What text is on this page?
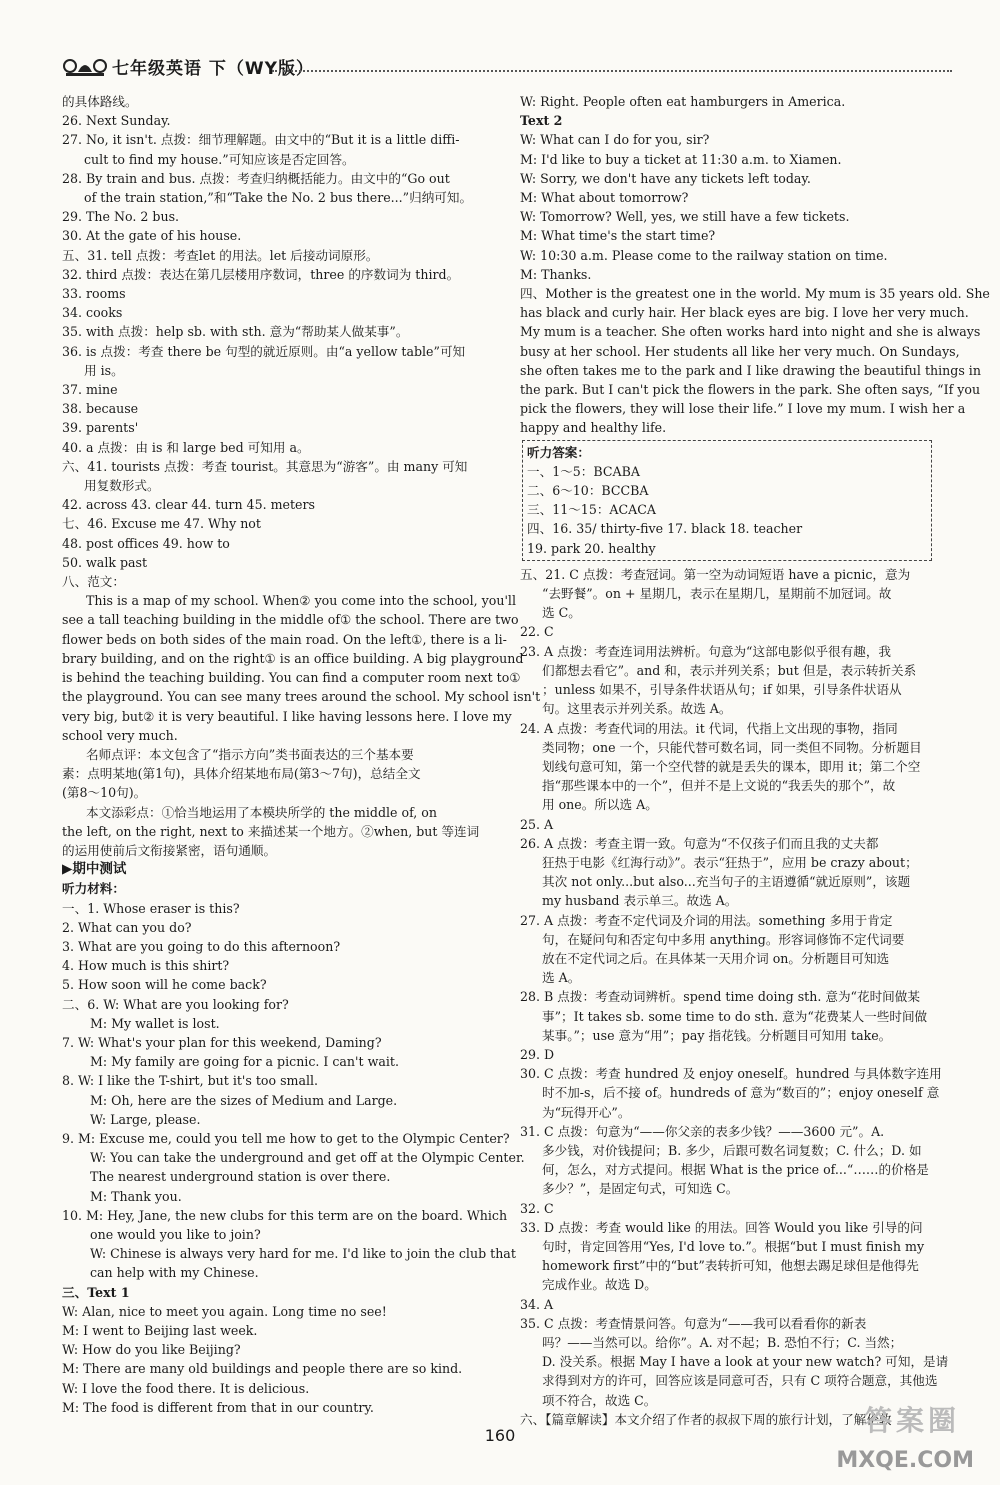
七年级英语 下（WY版）
的具体路线。
26. Next Sunday.
27. No, it isn't. 点拨：细节理解题。由文中的“But it is a little diffi-
cult to find my house.”可知应该是否定回答。
28. By train and bus. 点拨：考查归纳概括能力。由文中的“Go out
of the train station,”和“Take the No. 2 bus there...”归纳可知。
29. The No. 2 bus.
30. At the gate of his house.
五、31. tell 点拨：考查let 的用法。let 后接动词原形。
32. third 点拨：表达在第几层楼用序数词，three 的序数词为 third。
33. rooms
34. cooks
35. with 点拨：help sb. with sth. 意为“帮助某人做某事”。
36. is 点拨：考查 there be 句型的就近原则。由“a yellow table”可知
用 is。
37. mine
38. because
39. parents'
40. a 点拨：由 is 和 large bed 可知用 a。
六、41. tourists 点拨：考查 tourist。其意思为“游客”。由 many 可知
用复数形式。
42. across 43. clear 44. turn 45. meters
七、46. Excuse me 47. Why not
48. post offices 49. how to
50. walk past
八、范文：
This is a map of my school. When② you come into the school, you'll
see a tall teaching building in the middle of① the school. There are two
flower beds on both sides of the main road. On the left①, there is a li-
brary building, and on the right① is an office building. A big playground
is behind the teaching building. You can find a computer room next to①
the playground. You can see many trees around the school. My school isn't
very big, but② it is very beautiful. I like having lessons here. I love my
school very much.
名师点评：本文包含了“指示方向”类书面表达的三个基本要
素：点明某地(第1句)，具体介绍某地布局(第3～7句)，总结全文
(第8～10句)。
本文添彩点：①恰当地运用了本模块所学的 the middle of, on
the left, on the right, next to 来描述某一个地方。②when, but 等连词
的运用使前后文衔接紧密，语句通顺。
▶期中测试
听力材料：
一、1. Whose eraser is this?
2. What can you do?
3. What are you going to do this afternoon?
4. How much is this shirt?
5. How soon will he come back?
二、6. W: What are you looking for?
M: My wallet is lost.
7. W: What's your plan for this weekend, Daming?
M: My family are going for a picnic. I can't wait.
8. W: I like the T-shirt, but it's too small.
M: Oh, here are the sizes of Medium and Large.
W: Large, please.
9. M: Excuse me, could you tell me how to get to the Olympic Center?
W: You can take the underground and get off at the Olympic Center.
The nearest underground station is over there.
M: Thank you.
10. M: Hey, Jane, the new clubs for this term are on the board. Which
one would you like to join?
W: Chinese is always very hard for me. I'd like to join the club that
can help with my Chinese.
三、Text 1
W: Alan, nice to meet you again. Long time no see!
M: I went to Beijing last week.
W: How do you like Beijing?
M: There are many old buildings and people there are so kind.
W: I love the food there. It is delicious.
M: The food is different from that in our country.
W: Right. People often eat hamburgers in America.
Text 2
W: What can I do for you, sir?
M: I'd like to buy a ticket at 11:30 a.m. to Xiamen.
W: Sorry, we don't have any tickets left today.
M: What about tomorrow?
W: Tomorrow? Well, yes, we still have a few tickets.
M: What time's the start time?
W: 10:30 a.m. Please come to the railway station on time.
M: Thanks.
四、Mother is the greatest one in the world. My mum is 35 years old. She
has black and curly hair. Her black eyes are big. I love her very much.
My mum is a teacher. She often works hard into night and she is always
busy at her school. Her students all like her very much. On Sundays,
she often takes me to the park and I like drawing the beautiful things in
the park. But I can't pick the flowers in the park. She often says, “If you
pick the flowers, they will lose their life.” I love my mum. I wish her a
happy and healthy life.
听力答案：
一、1～5：BCABA
二、6～10：BCCBA
三、11～15：ACACA
四、16. 35/ thirty-five 17. black 18. teacher
19. park 20. healthy
五、21. C 点拨：考查冠词。第一空为动词短语 have a picnic，意为
“去野餐”。on + 星期几，表示在星期几，星期前不加冠词。故
选 C。
22. C
23. A 点拨：考查连词用法辨析。句意为“这部电影似乎很有趣，我
们都想去看它”。and 和，表示并列关系；but 但是，表示转折关系
；unless 如果不，引导条件状语从句；if 如果，引导条件状语从
句。这里表示并列关系。故选 A。
24. A 点拨：考查代词的用法。it 代词，代指上文出现的事物，指同
类同物；one 一个，只能代替可数名词，同一类但不同物。分析题目
划线句意可知，第一个空代替的就是丢失的课本，即用 it；第二个空
指“那些课本中的一个”，但并不是上文说的“我丢失的那个”，故
用 one。所以选 A。
25. A
26. A 点拨：考查主谓一致。句意为“不仅孩子们而且我的丈夫都
狂热于电影《红海行动》”。表示“狂热于”，应用 be crazy about；
其次 not only...but also...充当句子的主语遵循“就近原则”，该题
my husband 表示单三。故选 A。
27. A 点拨：考查不定代词及介词的用法。something 多用于肯定
句，在疑问句和否定句中多用 anything。形容词修饰不定代词要
放在不定代词之后。在具体某一天用介词 on。分析题目可知选
选 A。
28. B 点拨：考查动词辨析。spend time doing sth. 意为“花时间做某
事”；It takes sb. some time to do sth. 意为“花费某人一些时间做
某事。”；use 意为“用”；pay 指花钱。分析题目可知用 take。
29. D
30. C 点拨：考查 hundred 及 enjoy oneself。hundred 与具体数字连用
时不加-s，后不接 of。hundreds of 意为“数百的”；enjoy oneself 意
为“玩得开心”。
31. C 点拨：句意为“——你父亲的表多少钱？——3600 元”。A.
多少钱，对价钱提问；B. 多少，后跟可数名词复数；C. 什么；D. 如
何，怎么，对方式提问。根据 What is the price of...“……的价格是
多少？”，是固定句式，可知选 C。
32. C
33. D 点拨：考查 would like 的用法。回答 Would you like 引导的问
句时，肯定回答用“Yes, I'd love to.”。根据“but I must finish my
homework first”中的“but”表转折可知，他想去踢足球但是他得先
完成作业。故选 D。
34. A
35. C 点拨：考查情景问答。句意为“——我可以看看你的新表
吗？——当然可以。给你”。A. 对不起；B. 恐怕不行；C. 当然；
D. 没关系。根据 May I have a look at your new watch? 可知，是请
求得到对方的许可，回答应该是同意可否，只有 C 项符合题意，其他选
项不符合，故选 C。
六、【篇章解读】本文介绍了作者的叔叔下周的旅行计划，了解伦敦
160	答案圈
MXQE.COM
